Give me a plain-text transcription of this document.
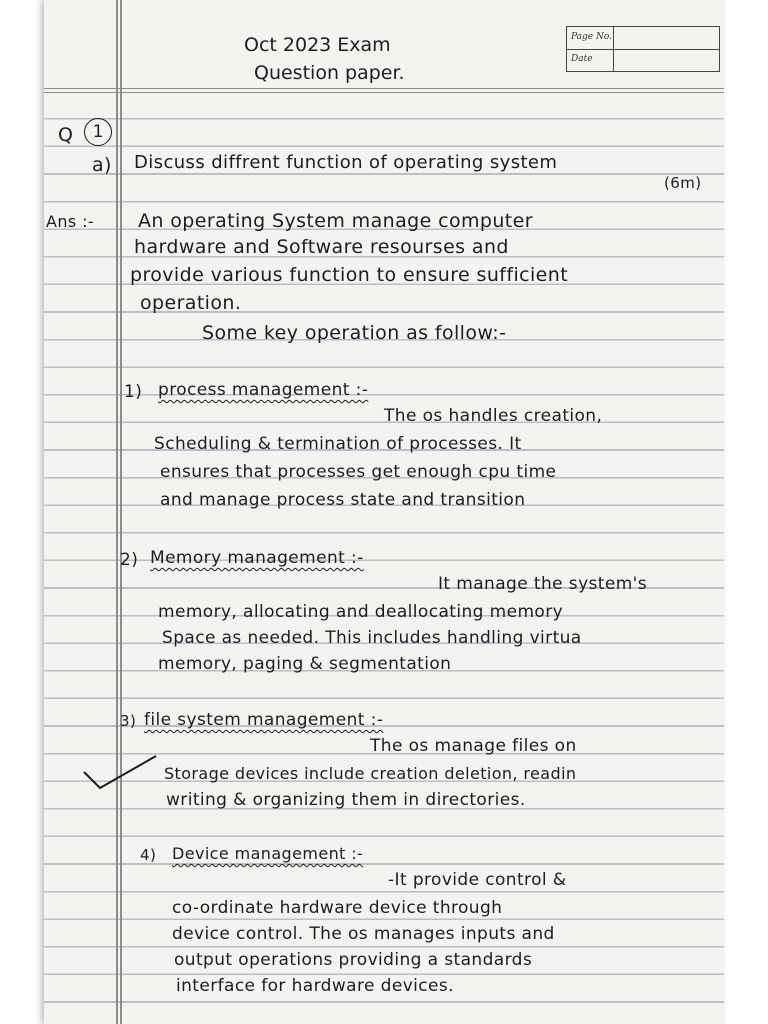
Page No.
Date
Oct 2023 Exam
Question paper.
Q	1
a) Discuss diffrent function of operating system
(6m)
Ans :- An operating System manage computer
hardware and Software resourses and
provide various function to ensure sufficient
operation.
Some key operation as follow:-
1) process management :-
The os handles creation,
Scheduling & termination of processes. It
ensures that processes get enough cpu time
and manage process state and transition
2) Memory management :-
It manage the system's
memory, allocating and deallocating memory
Space as needed. This includes handling virtua
memory, paging & segmentation
3) file system management :-
The os manage files on
Storage devices include creation deletion, readin
writing & organizing them in directories.
4) Device management :-
-It provide control &
co-ordinate hardware device through
device control. The os manages inputs and
output operations providing a standards
interface for hardware devices.
